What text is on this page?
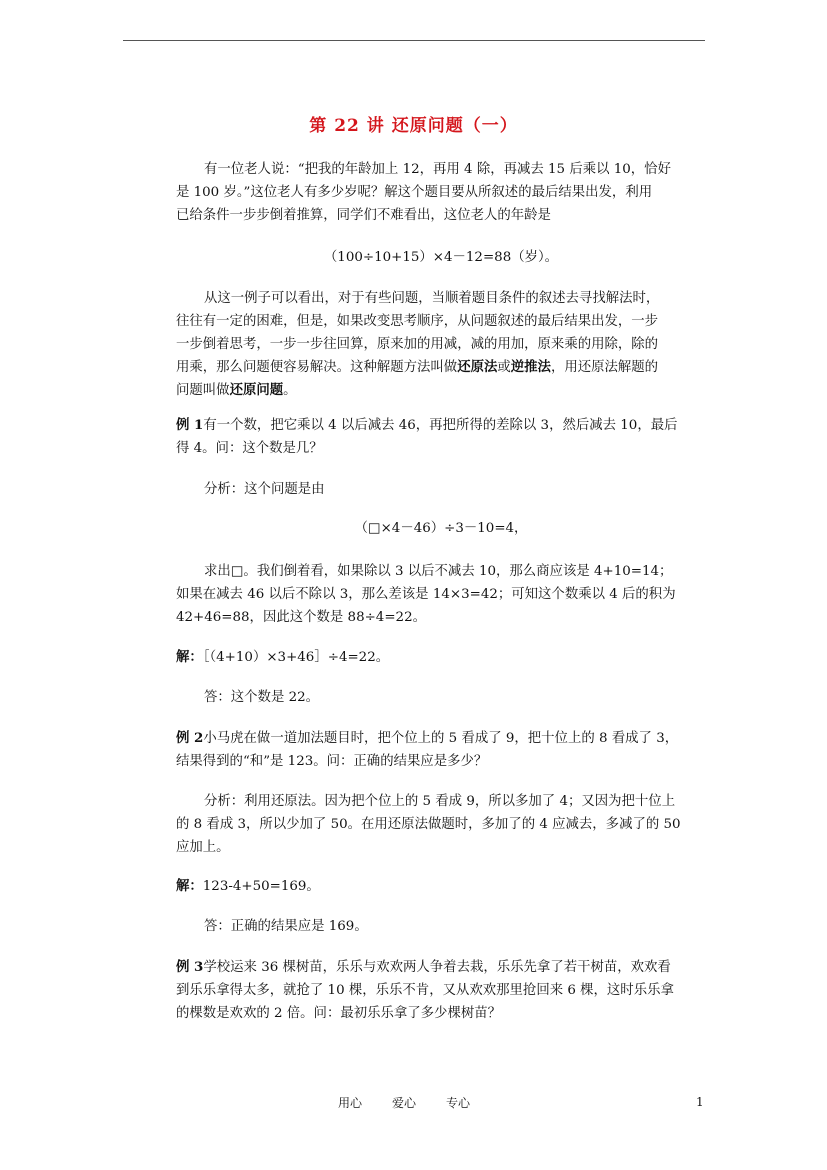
第 22 讲 还原问题（一）
有一位老人说：“把我的年龄加上 12，再用 4 除，再减去 15 后乘以 10，恰好
是 100 岁。”这位老人有多少岁呢？解这个题目要从所叙述的最后结果出发，利用
已给条件一步步倒着推算，同学们不难看出，这位老人的年龄是
（100÷10+15）×4－12=88（岁）。
从这一例子可以看出，对于有些问题，当顺着题目条件的叙述去寻找解法时，
往往有一定的困难，但是，如果改变思考顺序，从问题叙述的最后结果出发，一步
一步倒着思考，一步一步往回算，原来加的用减，减的用加，原来乘的用除，除的
用乘，那么问题便容易解决。这种解题方法叫做还原法或逆推法，用还原法解题的
问题叫做还原问题。
例 1有一个数，把它乘以 4 以后减去 46，再把所得的差除以 3，然后减去 10，最后
得 4。问：这个数是几？
分析：这个问题是由
（□×4－46）÷3－10=4，
求出□。我们倒着看，如果除以 3 以后不减去 10，那么商应该是 4+10=14；
如果在减去 46 以后不除以 3，那么差该是 14×3=42；可知这个数乘以 4 后的积为
42+46=88，因此这个数是 88÷4=22。
解：［（4+10）×3+46］÷4=22。
答：这个数是 22。
例 2小马虎在做一道加法题目时，把个位上的 5 看成了 9，把十位上的 8 看成了 3，
结果得到的“和”是 123。问：正确的结果应是多少？
分析：利用还原法。因为把个位上的 5 看成 9，所以多加了 4；又因为把十位上
的 8 看成 3，所以少加了 50。在用还原法做题时，多加了的 4 应减去，多减了的 50
应加上。
解：123-4+50=169。
答：正确的结果应是 169。
例 3学校运来 36 棵树苗，乐乐与欢欢两人争着去栽，乐乐先拿了若干树苗，欢欢看
到乐乐拿得太多，就抢了 10 棵，乐乐不肯，又从欢欢那里抢回来 6 棵，这时乐乐拿
的棵数是欢欢的 2 倍。问：最初乐乐拿了多少棵树苗？
用心	爱心	专心	1
